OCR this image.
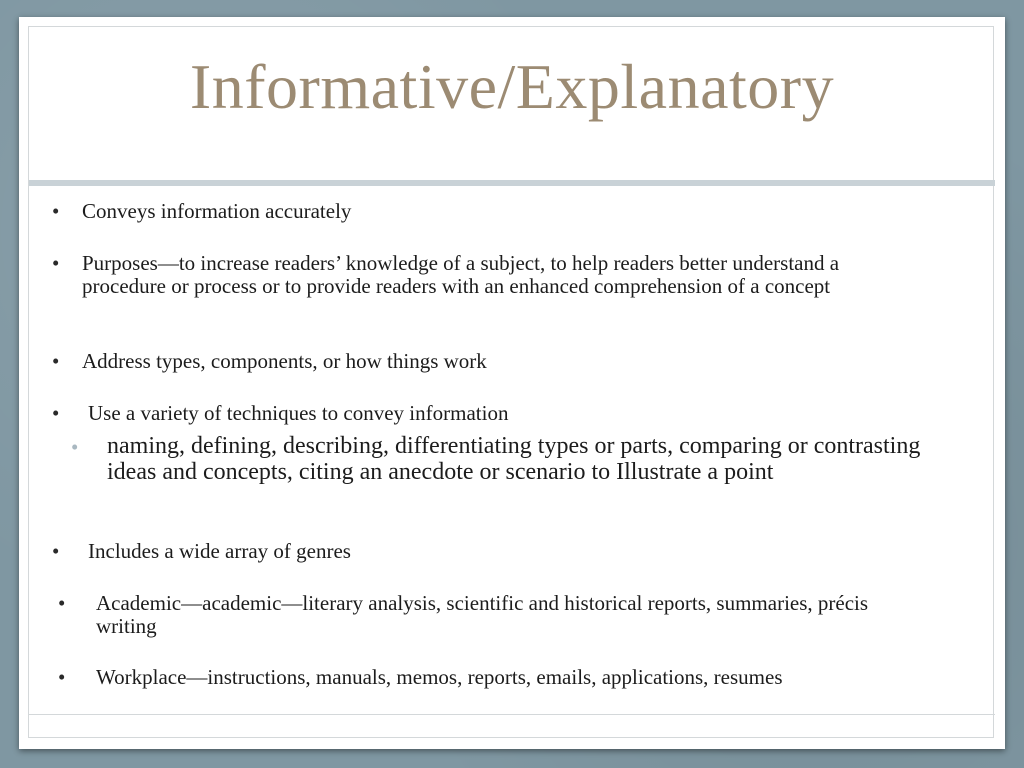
Informative/Explanatory
• Conveys information accurately
• Purposes—to increase readers’ knowledge of a subject, to help readers better understand a procedure or process or to provide readers with an enhanced comprehension of a concept
• Address types, components, or how things work
• Use a variety of techniques to convey information
• naming, defining, describing, differentiating types or parts, comparing or contrasting ideas and concepts, citing an anecdote or scenario to Illustrate a point
• Includes a wide array of genres
• Academic—academic—literary analysis, scientific and historical reports, summaries, précis writing
• Workplace—instructions, manuals, memos, reports, emails, applications, resumes
